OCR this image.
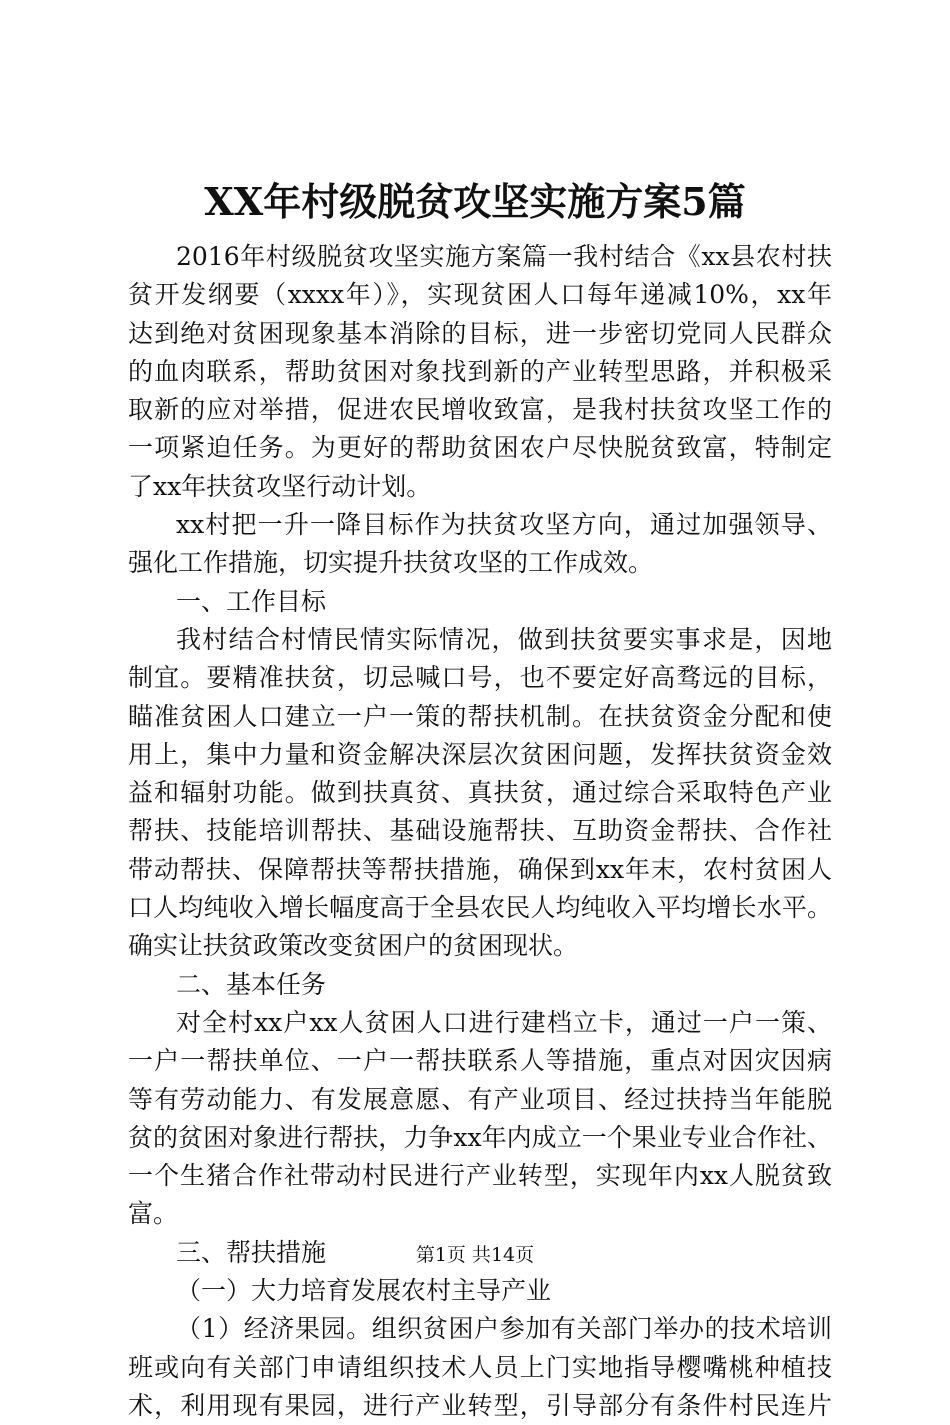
XX年村级脱贫攻坚实施方案5篇
2016年村级脱贫攻坚实施方案篇一我村结合《xx县农村扶
贫开发纲要（xxxx年）》，实现贫困人口每年递减10%，xx年
达到绝对贫困现象基本消除的目标，进一步密切党同人民群众
的血肉联系，帮助贫困对象找到新的产业转型思路，并积极采
取新的应对举措，促进农民增收致富，是我村扶贫攻坚工作的
一项紧迫任务。为更好的帮助贫困农户尽快脱贫致富，特制定
了xx年扶贫攻坚行动计划。
xx村把一升一降目标作为扶贫攻坚方向，通过加强领导、
强化工作措施，切实提升扶贫攻坚的工作成效。
一、工作目标
我村结合村情民情实际情况，做到扶贫要实事求是，因地
制宜。要精准扶贫，切忌喊口号，也不要定好高骛远的目标，
瞄准贫困人口建立一户一策的帮扶机制。在扶贫资金分配和使
用上，集中力量和资金解决深层次贫困问题，发挥扶贫资金效
益和辐射功能。做到扶真贫、真扶贫，通过综合采取特色产业
帮扶、技能培训帮扶、基础设施帮扶、互助资金帮扶、合作社
带动帮扶、保障帮扶等帮扶措施，确保到xx年末，农村贫困人
口人均纯收入增长幅度高于全县农民人均纯收入平均增长水平。
确实让扶贫政策改变贫困户的贫困现状。
二、基本任务
对全村xx户xx人贫困人口进行建档立卡，通过一户一策、
一户一帮扶单位、一户一帮扶联系人等措施，重点对因灾因病
等有劳动能力、有发展意愿、有产业项目、经过扶持当年能脱
贫的贫困对象进行帮扶，力争xx年内成立一个果业专业合作社、
一个生猪合作社带动村民进行产业转型，实现年内xx人脱贫致
富。
三、帮扶措施
（一）大力培育发展农村主导产业
（1）经济果园。组织贫困户参加有关部门举办的技术培训
班或向有关部门申请组织技术人员上门实地指导樱嘴桃种植技
术，利用现有果园，进行产业转型，引导部分有条件村民连片
第1页 共14页
